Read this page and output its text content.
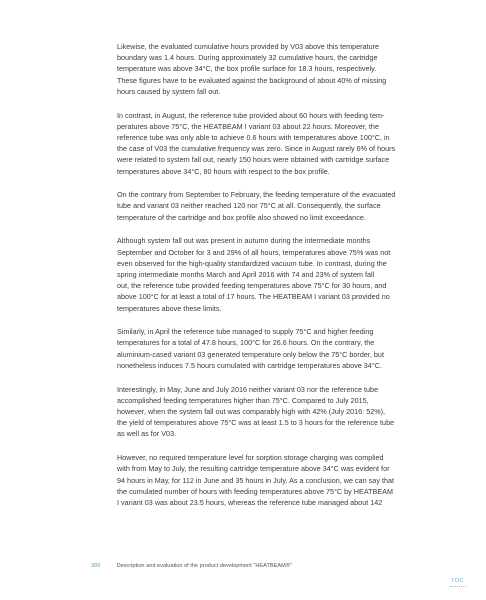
Likewise, the evaluated cumulative hours provided by V03 above this temperature
boundary was 1.4 hours. During approximately 32 cumulative hours, the cartridge
temperature was above 34°C, the box profile surface for 18.3 hours, respectively.
These figures have to be evaluated against the background of about 40% of missing
hours caused by system fall out.

In contrast, in August, the reference tube provided about 60 hours with feeding tem-
peratures above 75°C, the HEATBEAM I variant 03 about 22 hours. Moreover, the
reference tube was only able to achieve 0.6 hours with temperatures above 100°C, in
the case of V03 the cumulative frequency was zero. Since in August rarely 6% of hours
were related to system fall out, nearly 150 hours were obtained with cartridge surface
temperatures above 34°C, 80 hours with respect to the box profile.

On the contrary from September to February, the feeding temperature of the evacuated
tube and variant 03 neither reached 120 nor 75°C at all. Consequently, the surface
temperature of the cartridge and box profile also showed no limit exceedance.

Although system fall out was present in autumn during the intermediate months
September and October for 3 and 29% of all hours, temperatures above 75% was not
even observed for the high-quality standardized vacuum tube. In contrast, during the
spring intermediate months March and April 2016 with 74 and 23% of system fall
out, the reference tube provided feeding temperatures above 75°C for 30 hours, and
above 100°C for at least a total of 17 hours. The HEATBEAM I variant 03 provided no
temperatures above these limits.

Similarly, in April the reference tube managed to supply 75°C and higher feeding
temperatures for a total of 47.8 hours, 100°C for 26.6 hours. On the contrary, the
aluminium-cased variant 03 generated temperature only below the 75°C border, but
nonetheless induces 7.5 hours cumulated with cartridge temperatures above 34°C.

Interestingly, in May, June and July 2016 neither variant 03 nor the reference tube
accomplished feeding temperatures higher than 75°C. Compared to July 2015,
however, when the system fall out was comparably high with 42% (July 2016: 52%),
the yield of temperatures above 75°C was at least 1.5 to 3 hours for the reference tube
as well as for V03.

However, no required temperature level for sorption storage charging was complied
with from May to July, the resulting cartridge temperature above 34°C was evident for
94 hours in May, for 112 in June and 35 hours in July. As a conclusion, we can say that
the cumulated number of hours with feeding temperatures above 75°C by HEATBEAM
I variant 03 was about 23.5 hours, whereas the reference tube managed about 142

389	Description and evaluation of the product development "HEATBEAM®"
TOC
